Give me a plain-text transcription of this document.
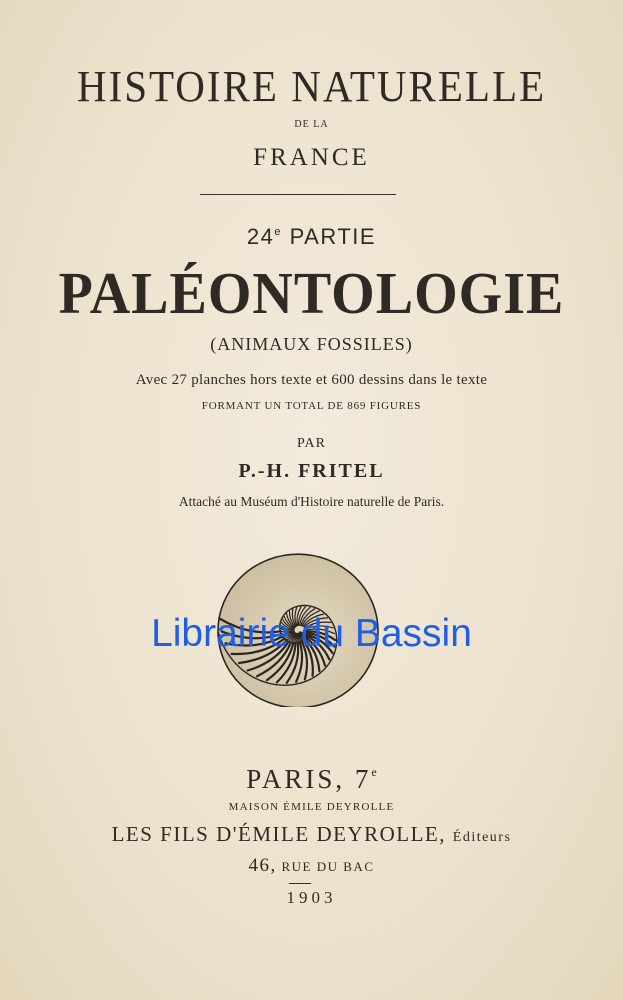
HISTOIRE NATURELLE
DE LA
FRANCE
24e PARTIE
PALÉONTOLOGIE
(ANIMAUX FOSSILES)
Avec 27 planches hors texte et 600 dessins dans le texte
FORMANT UN TOTAL DE 869 FIGURES
PAR
P.-H. FRITEL
Attaché au Muséum d'Histoire naturelle de Paris.
Librairie du Bassin
PARIS, 7e
MAISON ÉMILE DEYROLLE
LES FILS D'ÉMILE DEYROLLE, Éditeurs
46, RUE DU BAC
1903
